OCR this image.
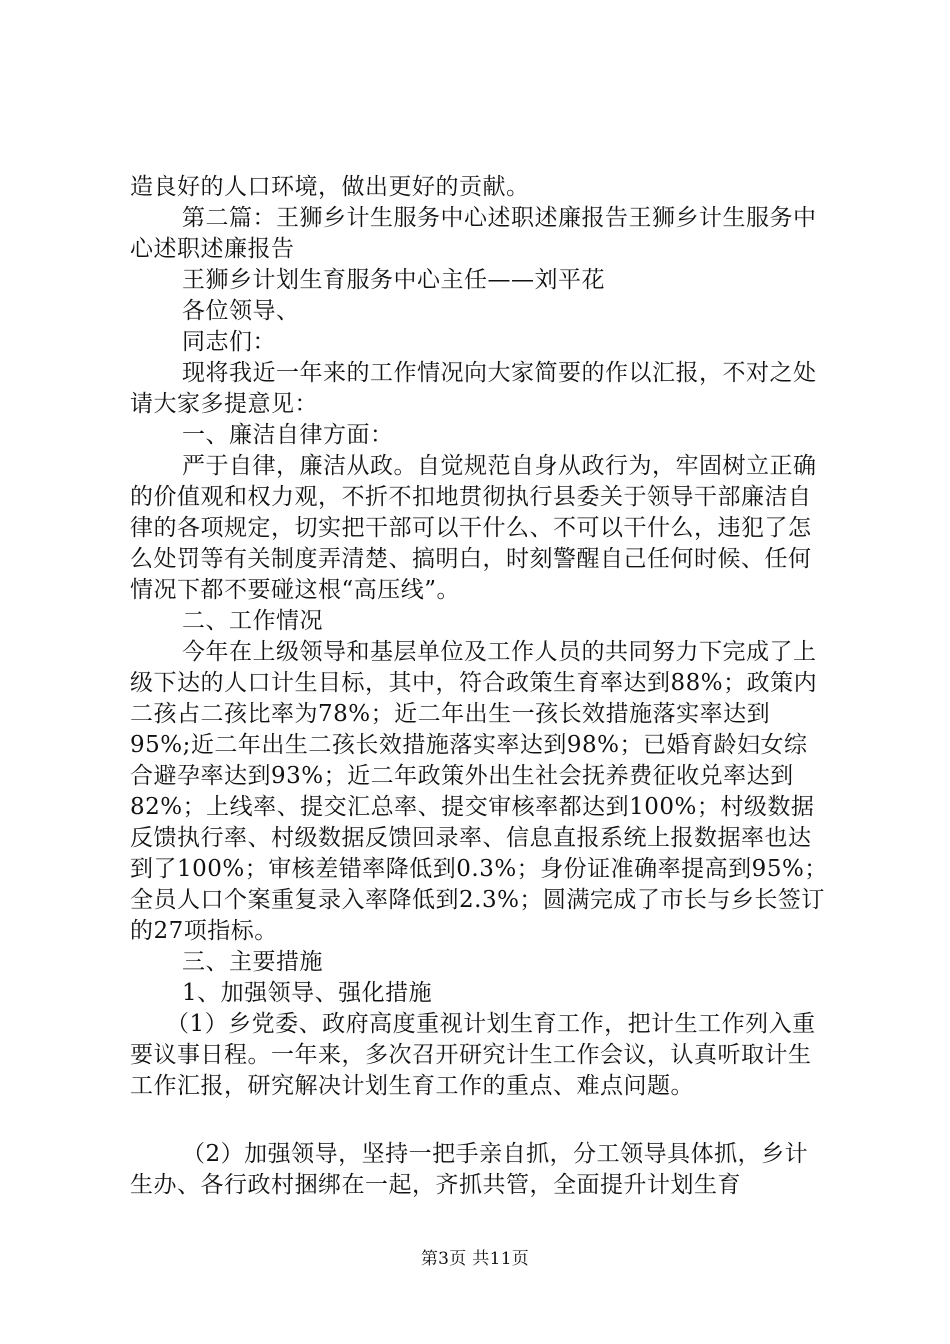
造良好的人口环境，做出更好的贡献。

第二篇：王狮乡计生服务中心述职述廉报告王狮乡计生服务中心述职述廉报告

王狮乡计划生育服务中心主任——刘平花

各位领导、

同志们：

现将我近一年来的工作情况向大家简要的作以汇报，不对之处请大家多提意见：

一、廉洁自律方面：

严于自律，廉洁从政。自觉规范自身从政行为，牢固树立正确的价值观和权力观，不折不扣地贯彻执行县委关于领导干部廉洁自律的各项规定，切实把干部可以干什么、不可以干什么，违犯了怎么处罚等有关制度弄清楚、搞明白，时刻警醒自己任何时候、任何情况下都不要碰这根“高压线”。

二、工作情况

今年在上级领导和基层单位及工作人员的共同努力下完成了上级下达的人口计生目标，其中，符合政策生育率达到88%；政策内二孩占二孩比率为78%；近二年出生一孩长效措施落实率达到95%;近二年出生二孩长效措施落实率达到98%；已婚育龄妇女综合避孕率达到93%；近二年政策外出生社会抚养费征收兑率达到82%；上线率、提交汇总率、提交审核率都达到100%；村级数据反馈执行率、村级数据反馈回录率、信息直报系统上报数据率也达到了100%；审核差错率降低到0.3%；身份证准确率提高到95%；全员人口个案重复录入率降低到2.3%；圆满完成了市长与乡长签订的27项指标。

三、主要措施

1、加强领导、强化措施

（1）乡党委、政府高度重视计划生育工作，把计生工作列入重要议事日程。一年来，多次召开研究计生工作会议，认真听取计生工作汇报，研究解决计划生育工作的重点、难点问题。

（2）加强领导，坚持一把手亲自抓，分工领导具体抓，乡计生办、各行政村捆绑在一起，齐抓共管，全面提升计划生育

第3页 共11页
